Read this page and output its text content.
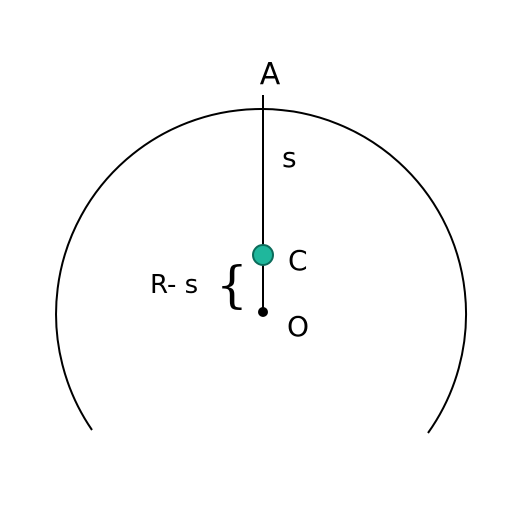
A
s
C
O
R- s {
